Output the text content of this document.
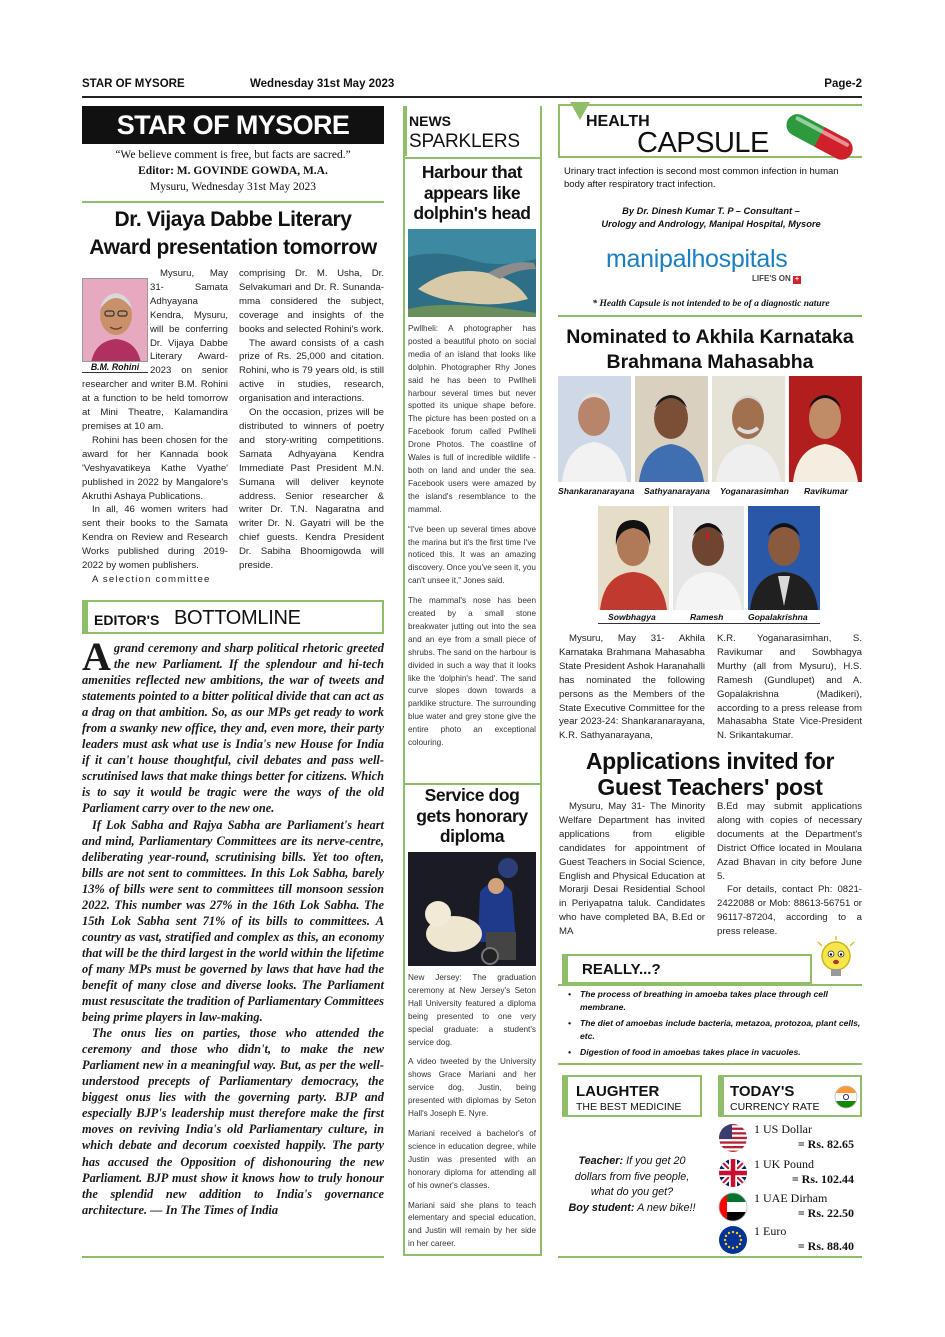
STAR OF MYSORE	Wednesday 31st May 2023	Page-2
STAR OF MYSORE
“We believe comment is free, but facts are sacred.”
Editor: M. GOVINDE GOWDA, M.A.
Mysuru, Wednesday 31st May 2023
Dr. Vijaya Dabbe Literary Award presentation tomorrow
B.M. Rohini

Mysuru, May 31- Samata Adhyayana Kendra, Mysuru, will be conferring Dr. Vijaya Dabbe Literary Award-2023 on senior researcher and writer B.M. Rohini at a function to be held tomorrow at Mini Theatre, Kalamandira premises at 10 am.

Rohini has been chosen for the award for her Kannada book 'Veshyavatikeya Kathe Vyathe' published in 2022 by Mangalore's Akruthi Ashaya Publications.

In all, 46 women writers had sent their books to the Samata Kendra on Review and Research Works published during 2019-2022 by women publishers.

A selection committee

comprising Dr. M. Usha, Dr. Selvakumari and Dr. R. Sunanda-mma considered the subject, coverage and insights of the books and selected Rohini's work.

The award consists of a cash prize of Rs. 25,000 and citation. Rohini, who is 79 years old, is still active in studies, research, organisation and interactions.

On the occasion, prizes will be distributed to winners of poetry and story-writing competitions. Samata Adhyayana Kendra Immediate Past President M.N. Sumana will deliver keynote address. Senior researcher & writer Dr. T.N. Nagaratna and writer Dr. N. Gayatri will be the chief guests. Kendra President Dr. Sabiha Bhoomigowda will preside.

EDITOR'S BOTTOMLINE

Agrand ceremony and sharp political rhetoric greeted the new Parliament. If the splendour and hi-tech amenities reflected new ambitions, the war of tweets and statements pointed to a bitter political divide that can act as a drag on that ambition. So, as our MPs get ready to work from a swanky new office, they and, even more, their party leaders must ask what use is India's new House for India if it can't house thoughtful, civil debates and pass well-scrutinised laws that make things better for citizens. Which is to say it would be tragic were the ways of the old Parliament carry over to the new one.

If Lok Sabha and Rajya Sabha are Parliament's heart and mind, Parliamentary Committees are its nerve-centre, deliberating year-round, scrutinising bills. Yet too often, bills are not sent to committees. In this Lok Sabha, barely 13% of bills were sent to committees till monsoon session 2022. This number was 27% in the 16th Lok Sabha. The 15th Lok Sabha sent 71% of its bills to committees. A country as vast, stratified and complex as this, an economy that will be the third largest in the world within the lifetime of many MPs must be governed by laws that have had the benefit of many close and diverse looks. The Parliament must resuscitate the tradition of Parliamentary Committees being prime players in law-making.

The onus lies on parties, those who attended the ceremony and those who didn't, to make the new Parliament new in a meaningful way. But, as per the well-understood precepts of Parliamentary democracy, the biggest onus lies with the governing party. BJP and especially BJP's leadership must therefore make the first moves on reviving India's old Parliamentary culture, in which debate and decorum coexisted happily. The party has accused the Opposition of dishonouring the new Parliament. BJP must show it knows how to truly honour the splendid new addition to India's governance architecture. — In The Times of India

NEWS
SPARKLERS
Harbour that appears like dolphin's head

Pwllheli: A photographer has posted a beautiful photo on social media of an island that looks like dolphin. Photographer Rhy Jones said he has been to Pwllheli harbour several times but never spotted its unique shape before. The picture has been posted on a Facebook forum called Pwllheli Drone Photos. The coastline of Wales is full of incredible wildlife - both on land and under the sea. Facebook users were amazed by the island's resemblance to the mammal.

“I've been up several times above the marina but it's the first time I've noticed this. It was an amazing discovery. Once you've seen it, you can't unsee it,” Jones said.

The mammal's nose has been created by a small stone breakwater jutting out into the sea and an eye from a small piece of shrubs. The sand on the harbour is divided in such a way that it looks like the 'dolphin's head'. The sand curve slopes down towards a parklike structure. The surrounding blue water and grey stone give the entire photo an exceptional colouring.

Service dog gets honorary diploma

New Jersey: The graduation ceremony at New Jersey's Seton Hall University featured a diploma being presented to one very special graduate: a student's service dog.

A video tweeted by the University shows Grace Mariani and her service dog, Justin, being presented with diplomas by Seton Hall's Joseph E. Nyre.

Mariani received a bachelor's of science in education degree, while Justin was presented with an honorary diploma for attending all of his owner's classes.

Mariani said she plans to teach elementary and special education, and Justin will remain by her side in her career.

HEALTH
CAPSULE
Urinary tract infection is second most common infection in human body after respiratory tract infection.
By Dr. Dinesh Kumar T. P – Consultant –
Urology and Andrology, Manipal Hospital, Mysore
manipalhospitals
LIFE'S ON +
* Health Capsule is not intended to be of a diagnostic nature
Nominated to Akhila Karnataka Brahmana Mahasabha
Shankaranarayana Sathyanarayana Yoganarasimhan Ravikumar
Sowbhagya	Ramesh	Gopalakrishna

Mysuru, May 31- Akhila Karnataka Brahmana Mahasabha State President Ashok Haranahalli has nominated the following persons as the Members of the State Executive Committee for the year 2023-24: Shankaranarayana, K.R. Sathyanarayana,

K.R. Yoganarasimhan, S. Ravikumar and Sowbhagya Murthy (all from Mysuru), H.S. Ramesh (Gundlupet) and A. Gopalakrishna (Madikeri), according to a press release from Mahasabha State Vice-President N. Srikantakumar.

Applications invited for Guest Teachers' post

Mysuru, May 31- The Minority Welfare Department has invited applications from eligible candidates for appointment of Guest Teachers in Social Science, English and Physical Education at Morarji Desai Residential School in Periyapatna taluk. Candidates who have completed BA, B.Ed or MA

B.Ed may submit applications along with copies of necessary documents at the Department's District Office located in Moulana Azad Bhavan in city before June 5.

For details, contact Ph: 0821-2422088 or Mob: 88613-56751 or 96117-87204, according to a press release.

REALLY...?
• The process of breathing in amoeba takes place through cell membrane.
• The diet of amoebas include bacteria, metazoa, protozoa, plant cells, etc.
• Digestion of food in amoebas takes place in vacuoles.
LAUGHTER
THE BEST MEDICINE
Teacher: If you get 20 dollars from five people, what do you get?
Boy student: A new bike!!
TODAY'S
CURRENCY RATE
1 US Dollar
= Rs. 82.65
1 UK Pound
= Rs. 102.44
1 UAE Dirham
= Rs. 22.50
1 Euro
= Rs. 88.40
